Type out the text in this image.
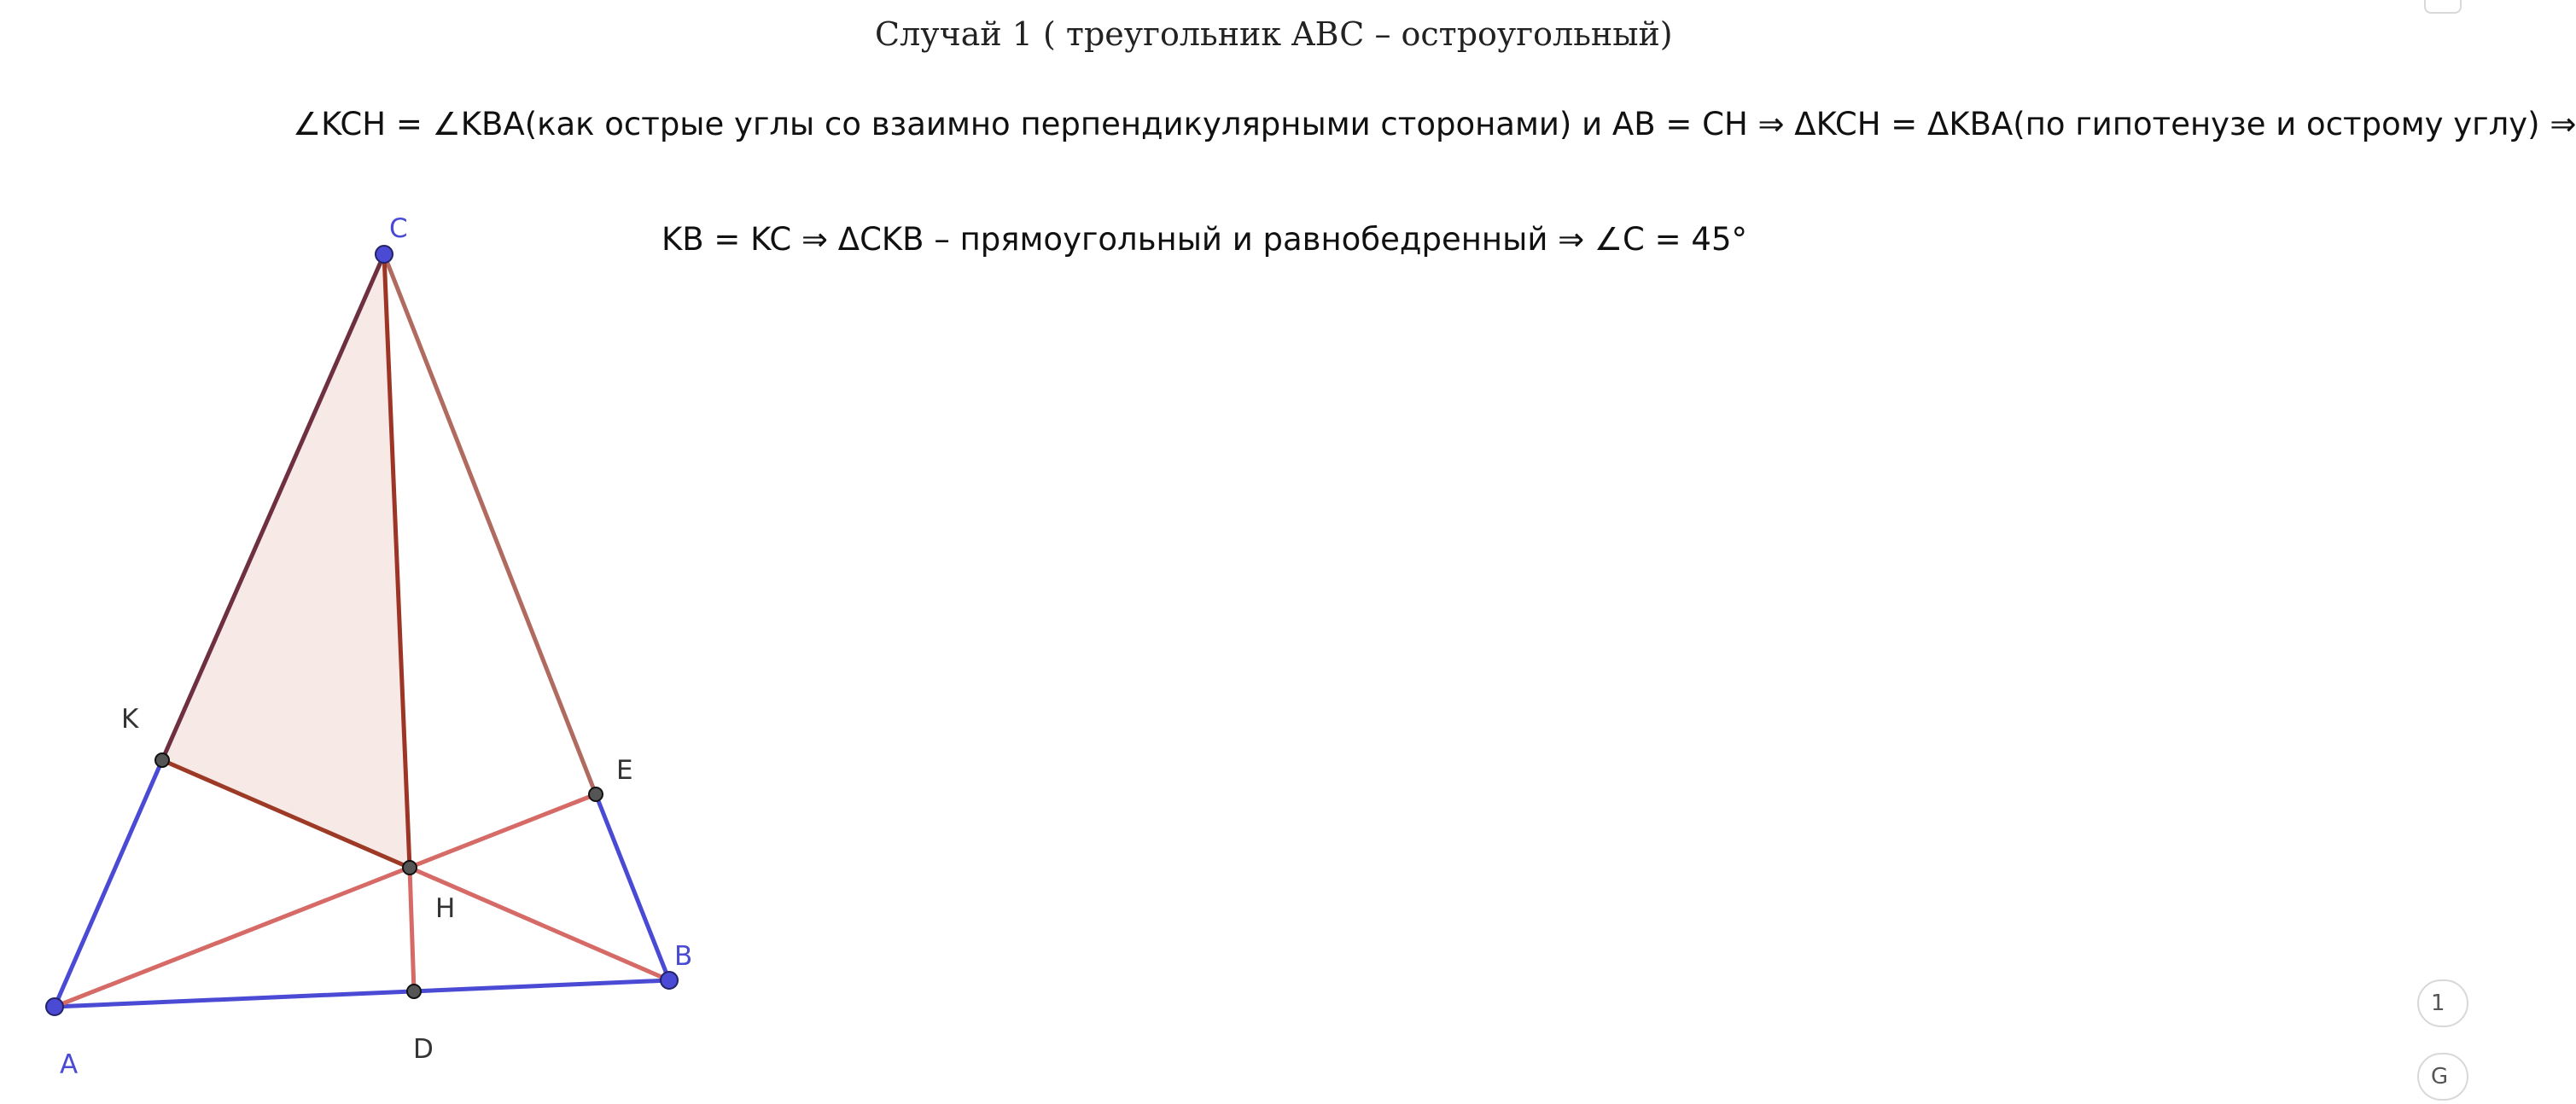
Случай 1 ( треугольник ABC – остроугольный)
∠KCH = ∠KBA(как острые углы со взаимно перпендикулярными сторонами) и AB = CH ⇒ ΔKCH = ΔKBA(по гипотенузе и острому углу) ⇒
KB = KC ⇒ ΔCKB – прямоугольный и равнобедренный ⇒ ∠C = 45°
C
K
E
H
B
A	D
1
G
